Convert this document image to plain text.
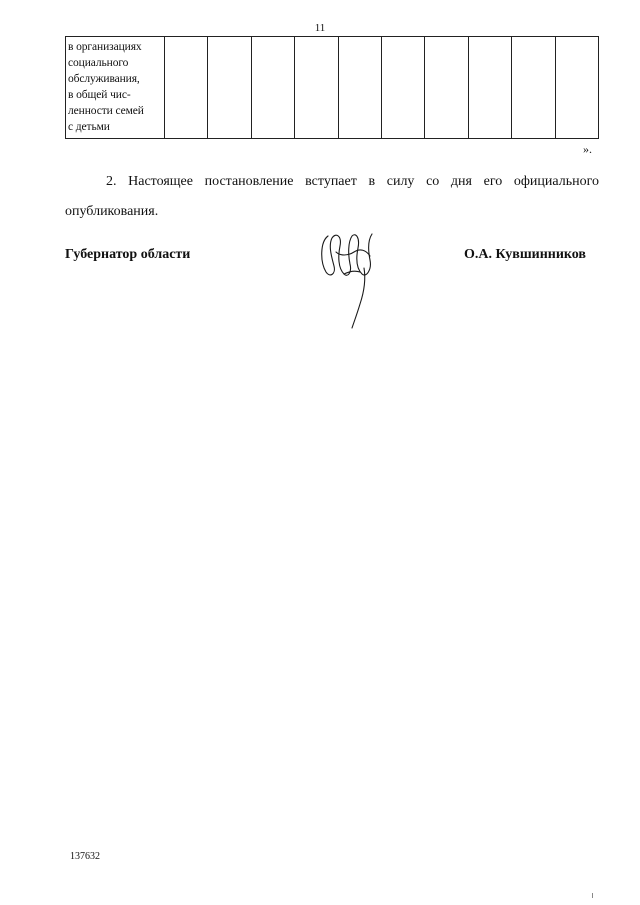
11
в организациях
социального
обслуживания,
в общей чис-
ленности семей
с детьми

».
2. Настоящее постановление вступает в силу со дня его официального
опубликования.
Губернатор области	О.А. Кувшинников
137632
